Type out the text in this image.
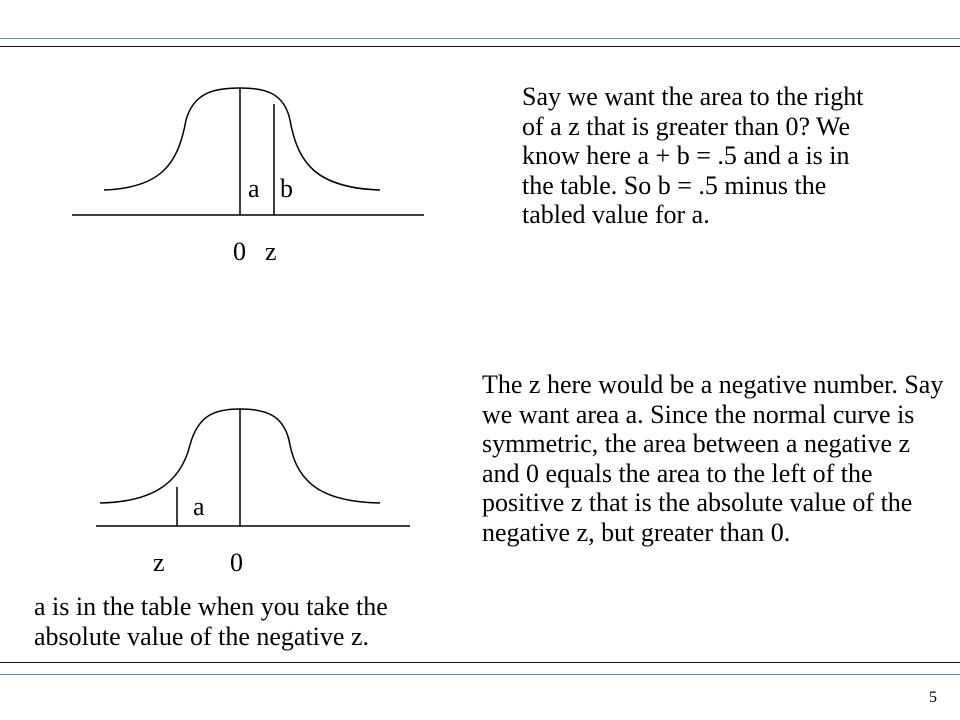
a b
0 z
a
z	0
Say we want the area to the right of a z that is greater than 0? We know here a + b = .5 and a is in the table. So b = .5 minus the tabled value for a.
The z here would be a negative number. Say we want area a. Since the normal curve is symmetric, the area between a negative z and 0 equals the area to the left of the positive z that is the absolute value of the negative z, but greater than 0.
a is in the table when you take the absolute value of the negative z.
5
